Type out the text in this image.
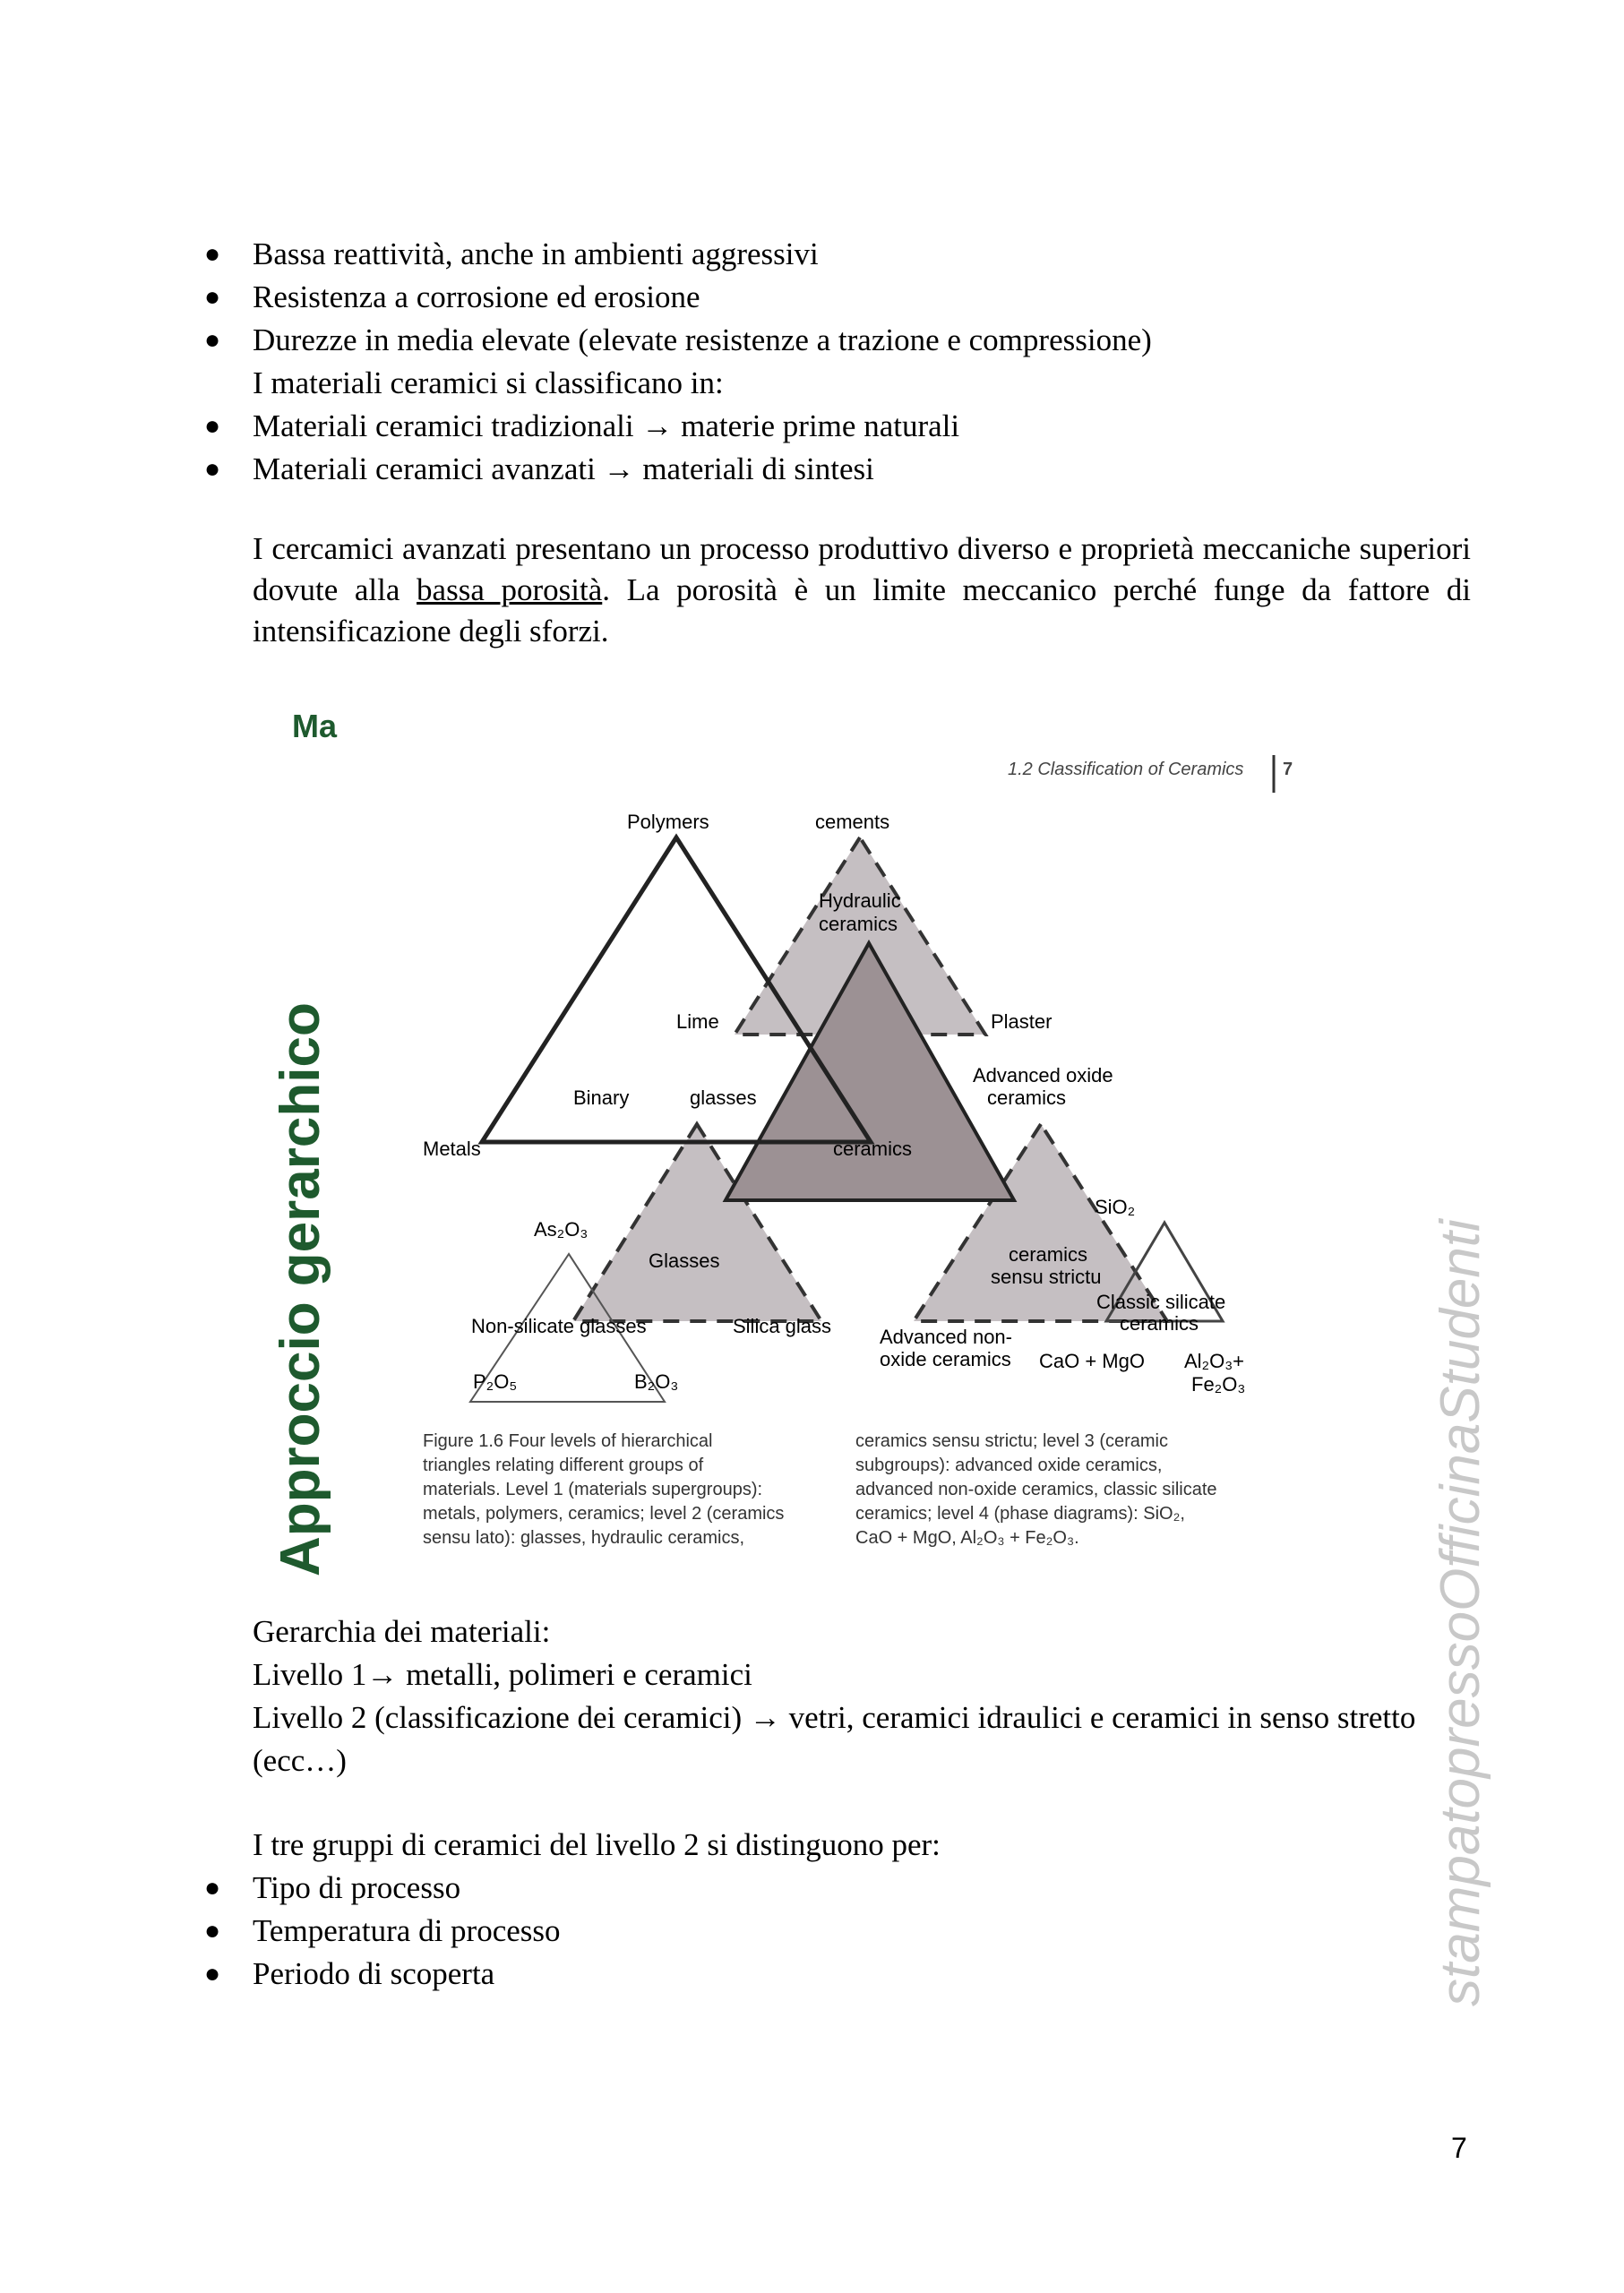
● Bassa reattività, anche in ambienti aggressivi
● Resistenza a corrosione ed erosione
● Durezze in media elevate (elevate resistenze a trazione e compressione)
I materiali ceramici si classificano in:
● Materiali ceramici tradizionali → materie prime naturali
● Materiali ceramici avanzati → materiali di sintesi
I cercamici avanzati presentano un processo produttivo diverso e proprietà meccaniche superiori dovute alla bassa porosità. La porosità è un limite meccanico perché funge da fattore di intensificazione degli sforzi.
Ma
Approccio gerarchico
1.2 Classification of Ceramics 7
Polymers	cements
Hydraulic
ceramics
Lime	Plaster
Binary	glasses
Advanced oxide
ceramics
Metals	ceramics
As₂O₃
SiO₂
Glasses	ceramics
sensu strictu
Classic silicate
ceramics
Non-silicate glasses	Silica glass Advanced non-
oxide ceramics CaO + MgO Al₂O₃+
Fe₂O₃
P₂O₅	B₂O₃
Figure 1.6 Four levels of hierarchical
triangles relating different groups of
materials. Level 1 (materials supergroups):
metals, polymers, ceramics; level 2 (ceramics
sensu lato): glasses, hydraulic ceramics,
ceramics sensu strictu; level 3 (ceramic
subgroups): advanced oxide ceramics,
advanced non-oxide ceramics, classic silicate
ceramics; level 4 (phase diagrams): SiO₂,
CaO + MgO, Al₂O₃ + Fe₂O₃.
Gerarchia dei materiali:
Livello 1→ metalli, polimeri e ceramici
Livello 2 (classificazione dei ceramici) → vetri, ceramici idraulici e ceramici in senso stretto
(ecc…)
I tre gruppi di ceramici del livello 2 si distinguono per:
● Tipo di processo
● Temperatura di processo
● Periodo di scoperta	stampatopressoOfficinaStudenti
7
